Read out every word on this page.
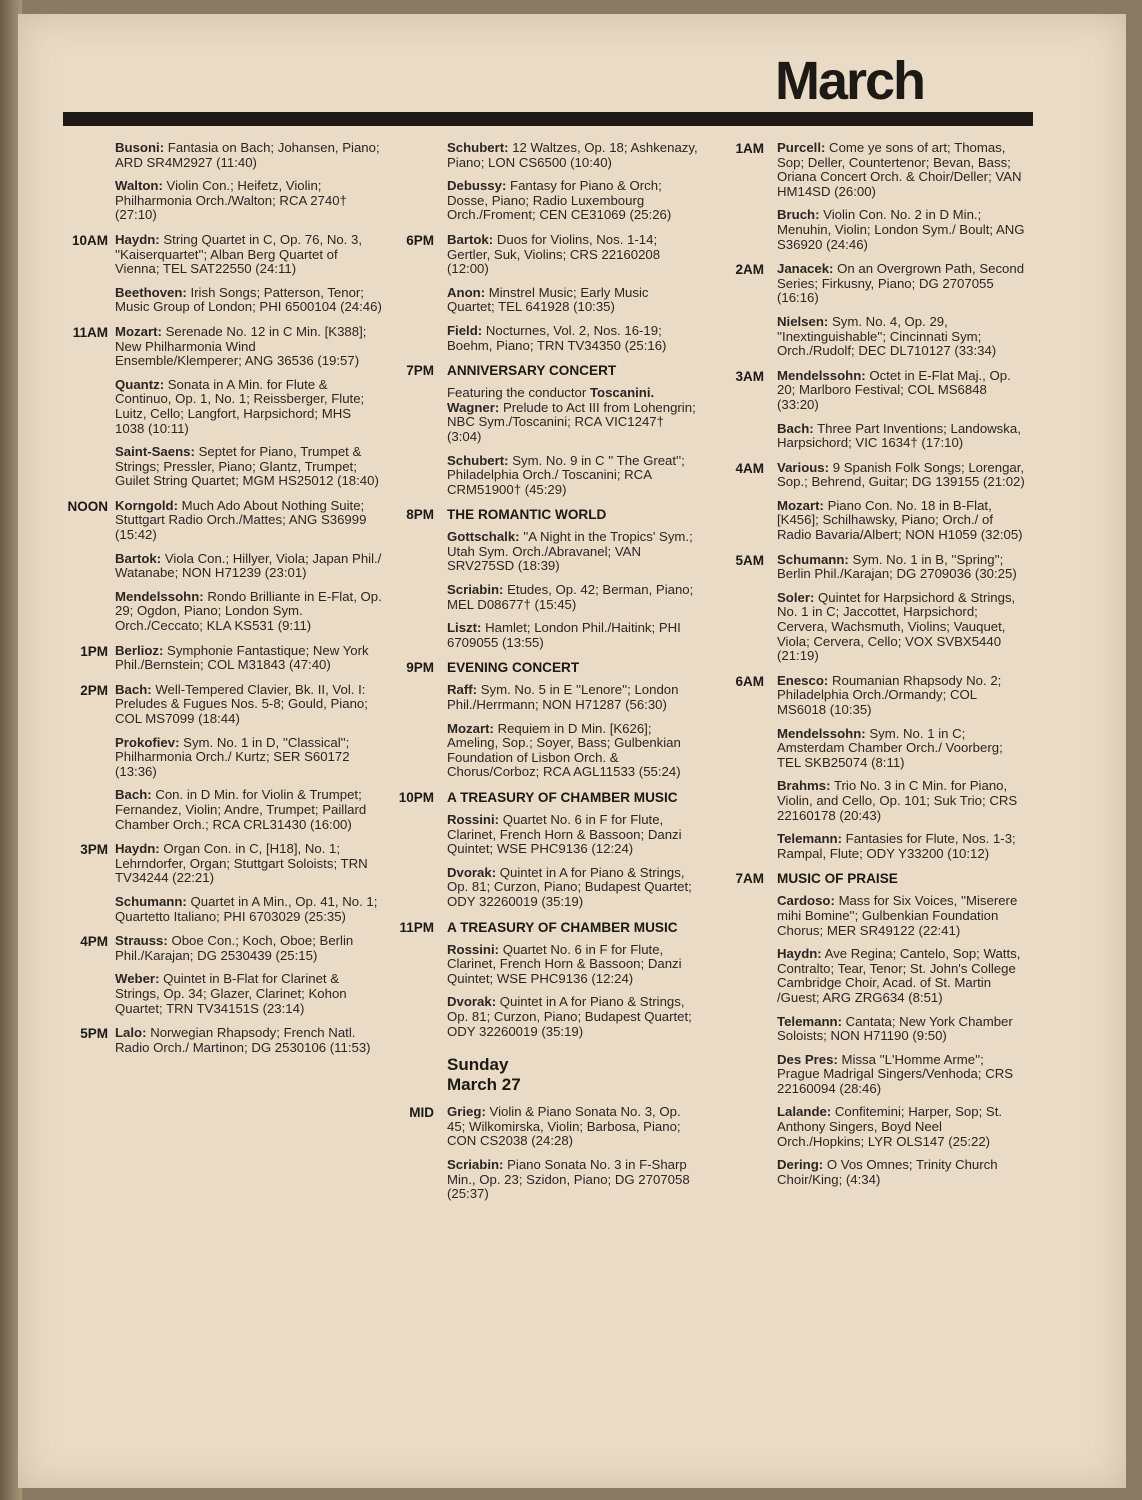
March
Busoni: Fantasia on Bach; Johansen, Piano; ARD SR4M2927 (11:40)
Walton: Violin Con.; Heifetz, Violin; Philharmonia Orch./Walton; RCA 2740† (27:10)
10AM Haydn: String Quartet in C, Op. 76, No. 3, ''Kaiserquartet''; Alban Berg Quartet of Vienna; TEL SAT22550 (24:11)
Beethoven: Irish Songs; Patterson, Tenor; Music Group of London; PHI 6500104 (24:46)
11AM Mozart: Serenade No. 12 in C Min. [K388]; New Philharmonia Wind Ensemble/Klemperer; ANG 36536 (19:57)
Quantz: Sonata in A Min. for Flute & Continuo, Op. 1, No. 1; Reissberger, Flute; Luitz, Cello; Langfort, Harpsichord; MHS 1038 (10:11)
Saint-Saens: Septet for Piano, Trumpet & Strings; Pressler, Piano; Glantz, Trumpet; Guilet String Quartet; MGM HS25012 (18:40)
NOON Korngold: Much Ado About Nothing Suite; Stuttgart Radio Orch./Mattes; ANG S36999 (15:42)
Bartok: Viola Con.; Hillyer, Viola; Japan Phil./ Watanabe; NON H71239 (23:01)
Mendelssohn: Rondo Brilliante in E-Flat, Op. 29; Ogdon, Piano; London Sym. Orch./Ceccato; KLA KS531 (9:11)
1PM Berlioz: Symphonie Fantastique; New York Phil./Bernstein; COL M31843 (47:40)
2PM Bach: Well-Tempered Clavier, Bk. II, Vol. I: Preludes & Fugues Nos. 5-8; Gould, Piano; COL MS7099 (18:44)
Prokofiev: Sym. No. 1 in D, ''Classical''; Philharmonia Orch./ Kurtz; SER S60172 (13:36)
Bach: Con. in D Min. for Violin & Trumpet; Fernandez, Violin; Andre, Trumpet; Paillard Chamber Orch.; RCA CRL31430 (16:00)
3PM Haydn: Organ Con. in C, [H18], No. 1; Lehrndorfer, Organ; Stuttgart Soloists; TRN TV34244 (22:21)
Schumann: Quartet in A Min., Op. 41, No. 1; Quartetto Italiano; PHI 6703029 (25:35)
4PM Strauss: Oboe Con.; Koch, Oboe; Berlin Phil./Karajan; DG 2530439 (25:15)
Weber: Quintet in B-Flat for Clarinet & Strings, Op. 34; Glazer, Clarinet; Kohon Quartet; TRN TV34151S (23:14)
5PM Lalo: Norwegian Rhapsody; French Natl. Radio Orch./ Martinon; DG 2530106 (11:53)
Schubert: 12 Waltzes, Op. 18; Ashkenazy, Piano; LON CS6500 (10:40)
Debussy: Fantasy for Piano & Orch; Dosse, Piano; Radio Luxembourg Orch./Froment; CEN CE31069 (25:26)
6PM Bartok: Duos for Violins, Nos. 1-14; Gertler, Suk, Violins; CRS 22160208 (12:00)
Anon: Minstrel Music; Early Music Quartet; TEL 641928 (10:35)
Field: Nocturnes, Vol. 2, Nos. 16-19; Boehm, Piano; TRN TV34350 (25:16)
7PM ANNIVERSARY CONCERT
Featuring the conductor Toscanini.
Wagner: Prelude to Act III from Lohengrin; NBC Sym./Toscanini; RCA VIC1247† (3:04)
Schubert: Sym. No. 9 in C '' The Great''; Philadelphia Orch./ Toscanini; RCA CRM51900† (45:29)
8PM THE ROMANTIC WORLD
Gottschalk: ''A Night in the Tropics' Sym.; Utah Sym. Orch./Abravanel; VAN SRV275SD (18:39)
Scriabin: Etudes, Op. 42; Berman, Piano; MEL D08677† (15:45)
Liszt: Hamlet; London Phil./Haitink; PHI 6709055 (13:55)
9PM EVENING CONCERT
Raff: Sym. No. 5 in E ''Lenore''; London Phil./Herrmann; NON H71287 (56:30)
Mozart: Requiem in D Min. [K626]; Ameling, Sop.; Soyer, Bass; Gulbenkian Foundation of Lisbon Orch. & Chorus/Corboz; RCA AGL11533 (55:24)
10PM A TREASURY OF CHAMBER MUSIC
Rossini: Quartet No. 6 in F for Flute, Clarinet, French Horn & Bassoon; Danzi Quintet; WSE PHC9136 (12:24)
Dvorak: Quintet in A for Piano & Strings, Op. 81; Curzon, Piano; Budapest Quartet; ODY 32260019 (35:19)
11PM A TREASURY OF CHAMBER MUSIC
Rossini: Quartet No. 6 in F for Flute, Clarinet, French Horn & Bassoon; Danzi Quintet; WSE PHC9136 (12:24)
Dvorak: Quintet in A for Piano & Strings, Op. 81; Curzon, Piano; Budapest Quartet; ODY 32260019 (35:19)
Sunday
March 27
MID Grieg: Violin & Piano Sonata No. 3, Op. 45; Wilkomirska, Violin; Barbosa, Piano; CON CS2038 (24:28)
Scriabin: Piano Sonata No. 3 in F-Sharp Min., Op. 23; Szidon, Piano; DG 2707058 (25:37)
1AM Purcell: Come ye sons of art; Thomas, Sop; Deller, Countertenor; Bevan, Bass; Oriana Concert Orch. & Choir/Deller; VAN HM14SD (26:00)
Bruch: Violin Con. No. 2 in D Min.; Menuhin, Violin; London Sym./ Boult; ANG S36920 (24:46)
2AM Janacek: On an Overgrown Path, Second Series; Firkusny, Piano; DG 2707055 (16:16)
Nielsen: Sym. No. 4, Op. 29, ''Inextinguishable''; Cincinnati Sym; Orch./Rudolf; DEC DL710127 (33:34)
3AM Mendelssohn: Octet in E-Flat Maj., Op. 20; Marlboro Festival; COL MS6848 (33:20)
Bach: Three Part Inventions; Landowska, Harpsichord; VIC 1634† (17:10)
4AM Various: 9 Spanish Folk Songs; Lorengar, Sop.; Behrend, Guitar; DG 139155 (21:02)
Mozart: Piano Con. No. 18 in B-Flat, [K456]; Schilhawsky, Piano; Orch./ of Radio Bavaria/Albert; NON H1059 (32:05)
5AM Schumann: Sym. No. 1 in B, ''Spring''; Berlin Phil./Karajan; DG 2709036 (30:25)
Soler: Quintet for Harpsichord & Strings, No. 1 in C; Jaccottet, Harpsichord; Cervera, Wachsmuth, Violins; Vauquet, Viola; Cervera, Cello; VOX SVBX5440 (21:19)
6AM Enesco: Roumanian Rhapsody No. 2; Philadelphia Orch./Ormandy; COL MS6018 (10:35)
Mendelssohn: Sym. No. 1 in C; Amsterdam Chamber Orch./ Voorberg; TEL SKB25074 (8:11)
Brahms: Trio No. 3 in C Min. for Piano, Violin, and Cello, Op. 101; Suk Trio; CRS 22160178 (20:43)
Telemann: Fantasies for Flute, Nos. 1-3; Rampal, Flute; ODY Y33200 (10:12)
7AM MUSIC OF PRAISE
Cardoso: Mass for Six Voices, ''Miserere mihi Bomine''; Gulbenkian Foundation Chorus; MER SR49122 (22:41)
Haydn: Ave Regina; Cantelo, Sop; Watts, Contralto; Tear, Tenor; St. John's College Cambridge Choir, Acad. of St. Martin /Guest; ARG ZRG634 (8:51)
Telemann: Cantata; New York Chamber Soloists; NON H71190 (9:50)
Des Pres: Missa ''L'Homme Arme''; Prague Madrigal Singers/Venhoda; CRS 22160094 (28:46)
Lalande: Confitemini; Harper, Sop; St. Anthony Singers, Boyd Neel Orch./Hopkins; LYR OLS147 (25:22)
Dering: O Vos Omnes; Trinity Church Choir/King; (4:34)
